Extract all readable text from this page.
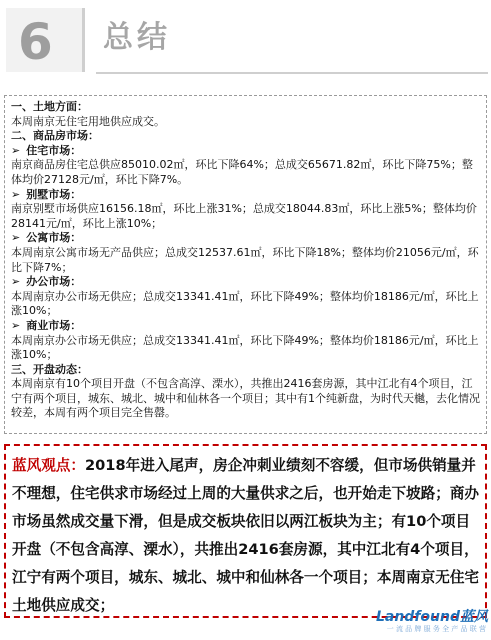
6 总结

一、土地方面：

本周南京无住宅用地供应成交。

二、商品房市场：

➢ 住宅市场：

南京商品房住宅总供应85010.02㎡，环比下降64%；总成交65671.82㎡，环比下降75%；整体均价27128元/㎡，环比下降7%。

➢ 别墅市场：

南京别墅市场供应16156.18㎡，环比上涨31%；总成交18044.83㎡，环比上涨5%；整体均价28141元/㎡，环比上涨10%；

➢ 公寓市场：

本周南京公寓市场无产品供应；总成交12537.61㎡，环比下降18%；整体均价21056元/㎡，环比下降7%；

➢ 办公市场：

本周南京办公市场无供应；总成交13341.41㎡，环比下降49%；整体均价18186元/㎡，环比上涨10%；

➢ 商业市场：

本周南京办公市场无供应；总成交13341.41㎡，环比下降49%；整体均价18186元/㎡，环比上涨10%；

三、开盘动态：

本周南京有10个项目开盘（不包含高淳、溧水），共推出2416套房源，其中江北有4个项目，江宁有两个项目，城东、城北、城中和仙林各一个项目；其中有1个纯新盘，为时代天樾，去化情况较差，本周有两个项目完全售罄。

蓝风观点：2018年进入尾声，房企冲刺业绩刻不容缓，但市场供销量并不理想，住宅供求市场经过上周的大量供求之后，也开始走下坡路；商办市场虽然成交量下滑，但是成交板块依旧以两江板块为主；有10个项目开盘（不包含高淳、溧水），共推出2416套房源，其中江北有4个项目，江宁有两个项目，城东、城北、城中和仙林各一个项目；本周南京无住宅土地供应成交；
Landfound蓝风
一 流 品 牌 服 务 全 产 品 联 营
